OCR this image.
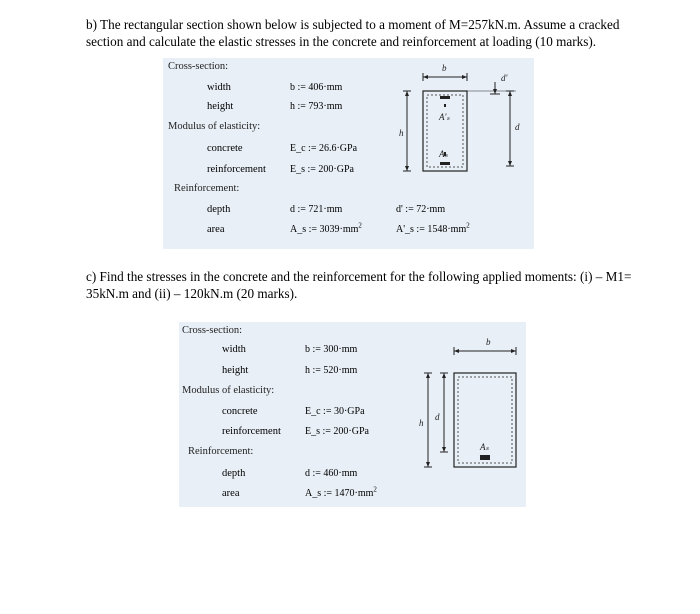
b) The rectangular section shown below is subjected to a moment of M=257kN.m. Assume a cracked section and calculate the elastic stresses in the concrete and reinforcement at loading (10 marks).

Cross-section:
width	b := 406·mm
height	h := 793·mm
Modulus of elasticity:
concrete	E_c := 26.6·GPa
reinforcement E_s := 200·GPa
Reinforcement:
depth	d := 721·mm	d' := 72·mm
area	A_s := $3039\cdot mm^2$	A'_s := $1548\cdot mm^2$
b
d'
A'ₛ
h
d
Aₛ

c) Find the stresses in the concrete and the reinforcement for the following applied moments: (i) – M1= 35kN.m and (ii) – 120kN.m (20 marks).

Cross-section:
width	b := 300·mm
height	h := 520·mm
Modulus of elasticity:
concrete	E_c := 30·GPa
reinforcement E_s := 200·GPa
Reinforcement:
depth	d := 460·mm
area	A_s := $1470\cdot mm^2$
b
h
d
Aₛ
